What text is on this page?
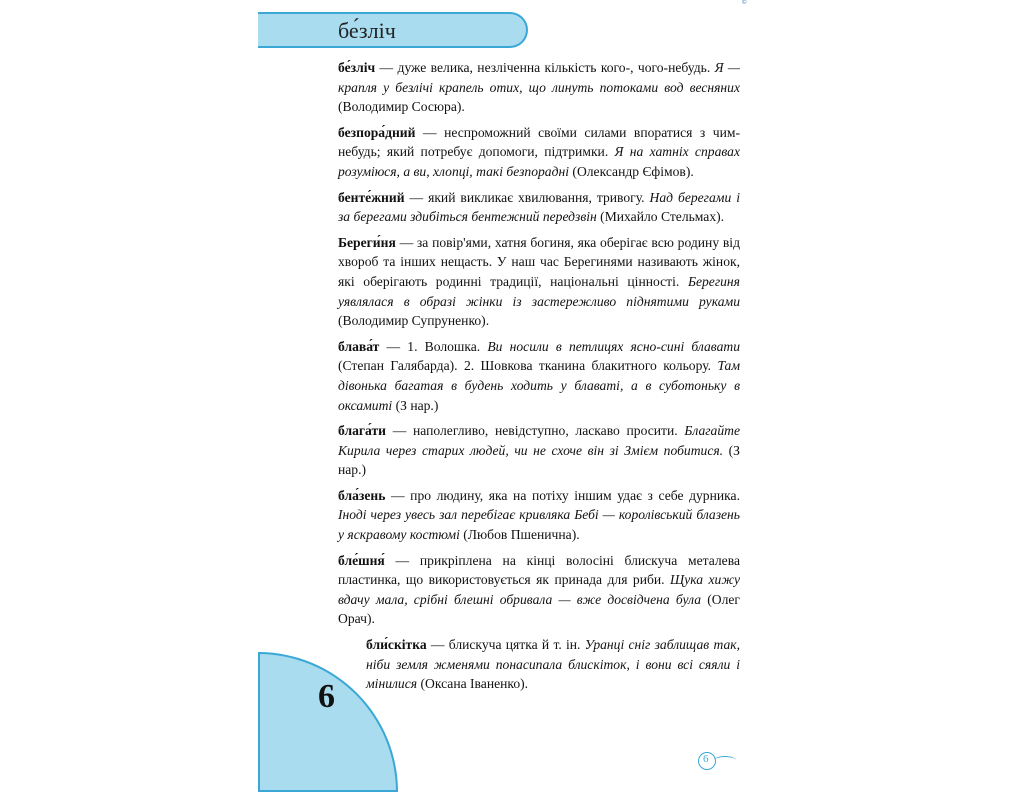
бе́зліч
©

бе́зліч — дуже велика, незліченна кількість кого-, чого-небудь. Я — крапля у безлічі крапель отих, що линуть потоками вод весняних (Володимир Сосюра).

безпора́дний — неспроможний своїми силами впоратися з чим-небудь; який потребує допомоги, підтримки. Я на хатніх справах розуміюся, а ви, хлопці, такі безпорадні (Олександр Єфімов).

бенте́жний — який викликає хвилювання, тривогу. Над берегами і за берегами здибіться бентежний передзвін (Михайло Стельмах).

Береги́ня — за повір'ями, хатня богиня, яка оберігає всю родину від хвороб та інших нещасть. У наш час Берегинями називають жінок, які оберігають родинні традиції, національні цінності. Берегиня уявлялася в образі жінки із застережливо піднятими руками (Володимир Супруненко).

блава́т — 1. Волошка. Ви носили в петлицях ясно-сині блавати (Степан Галябарда). 2. Шовкова тканина блакитного кольору. Там дівонька багатая в будень ходить у блаваті, а в суботоньку в оксамиті (З нар.)

блага́ти — наполегливо, невідступно, ласкаво просити. Благайте Кирила через старих людей, чи не схоче він зі Змієм побитися. (З нар.)

бла́зень — про людину, яка на потіху іншим удає з себе дурника. Іноді через увесь зал перебігає кривляка Бебі — королівський блазень у яскравому костюмі (Любов Пшенична).

бле́шня́ — прикріплена на кінці волосіні блискуча металева пластинка, що використовується як принада для риби. Щука хижу вдачу мала, срібні блешні обривала — вже досвідчена була (Олег Орач).

бли́скітка — блискуча цятка й т. ін. Уранці сніг заблищав так, ніби земля жменями понасипала блискіток, і вони всі сяяли і мінилися (Оксана Іваненко).

6
6
